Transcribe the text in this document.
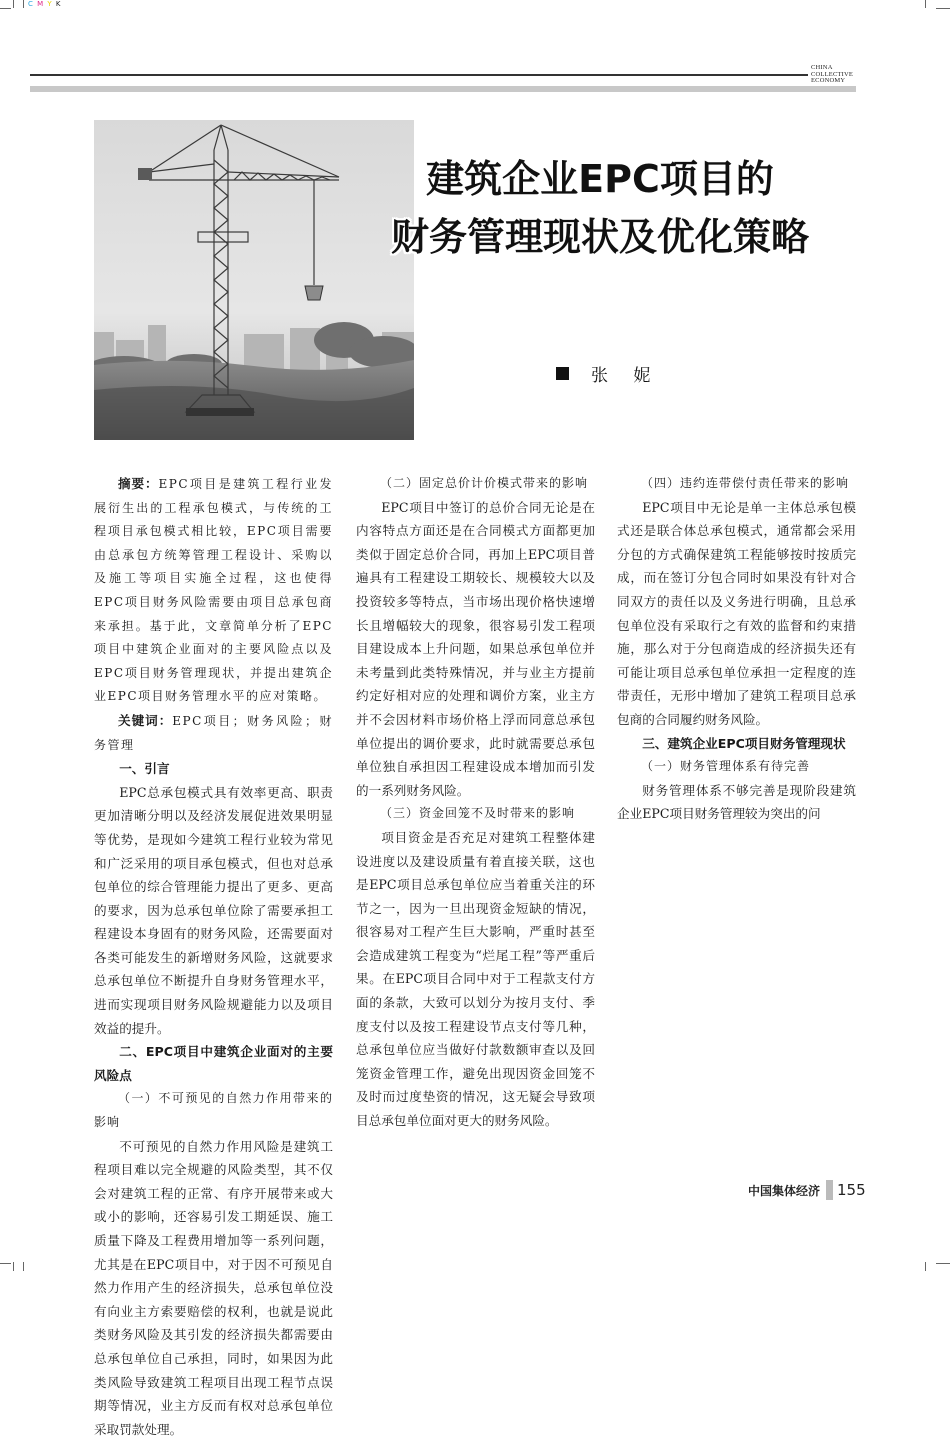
C M Y K
CHINA
COLLECTIVE
ECONOMY
建筑企业EPC项目的
财务管理现状及优化策略
张 妮

摘要：EPC项目是建筑工程行业发展衍生出的工程承包模式，与传统的工程项目承包模式相比较，EPC项目需要由总承包方统筹管理工程设计、采购以及施工等项目实施全过程，这也使得EPC项目财务风险需要由项目总承包商来承担。基于此，文章简单分析了EPC项目中建筑企业面对的主要风险点以及EPC项目财务管理现状，并提出建筑企业EPC项目财务管理水平的应对策略。

关键词：EPC项目；财务风险；财务管理

一、引言

EPC总承包模式具有效率更高、职责更加清晰分明以及经济发展促进效果明显等优势，是现如今建筑工程行业较为常见和广泛采用的项目承包模式，但也对总承包单位的综合管理能力提出了更多、更高的要求，因为总承包单位除了需要承担工程建设本身固有的财务风险，还需要面对各类可能发生的新增财务风险，这就要求总承包单位不断提升自身财务管理水平，进而实现项目财务风险规避能力以及项目效益的提升。

二、EPC项目中建筑企业面对的主要风险点

（一）不可预见的自然力作用带来的影响

不可预见的自然力作用风险是建筑工程项目难以完全规避的风险类型，其不仅会对建筑工程的正常、有序开展带来或大或小的影响，还容易引发工期延误、施工质量下降及工程费用增加等一系列问题，尤其是在EPC项目中，对于因不可预见自然力作用产生的经济损失，总承包单位没有向业主方索要赔偿的权利，也就是说此类财务风险及其引发的经济损失都需要由总承包单位自己承担，同时，如果因为此类风险导致建筑工程项目出现工程节点误期等情况，业主方反而有权对总承包单位采取罚款处理。

（二）固定总价计价模式带来的影响

EPC项目中签订的总价合同无论是在内容特点方面还是在合同模式方面都更加类似于固定总价合同，再加上EPC项目普遍具有工程建设工期较长、规模较大以及投资较多等特点，当市场出现价格快速增长且增幅较大的现象，很容易引发工程项目建设成本上升问题，如果总承包单位并未考量到此类特殊情况，并与业主方提前约定好相对应的处理和调价方案，业主方并不会因材料市场价格上浮而同意总承包单位提出的调价要求，此时就需要总承包单位独自承担因工程建设成本增加而引发的一系列财务风险。

（三）资金回笼不及时带来的影响

项目资金是否充足对建筑工程整体建设进度以及建设质量有着直接关联，这也是EPC项目总承包单位应当着重关注的环节之一，因为一旦出现资金短缺的情况，很容易对工程产生巨大影响，严重时甚至会造成建筑工程变为“烂尾工程”等严重后果。在EPC项目合同中对于工程款支付方面的条款，大致可以划分为按月支付、季度支付以及按工程建设节点支付等几种，总承包单位应当做好付款数额审查以及回笼资金管理工作，避免出现因资金回笼不及时而过度垫资的情况，这无疑会导致项目总承包单位面对更大的财务风险。

（四）违约连带偿付责任带来的影响

EPC项目中无论是单一主体总承包模式还是联合体总承包模式，通常都会采用分包的方式确保建筑工程能够按时按质完成，而在签订分包合同时如果没有针对合同双方的责任以及义务进行明确，且总承包单位没有采取行之有效的监督和约束措施，那么对于分包商造成的经济损失还有可能让项目总承包单位承担一定程度的连带责任，无形中增加了建筑工程项目总承包商的合同履约财务风险。

三、建筑企业EPC项目财务管理现状

（一）财务管理体系有待完善

财务管理体系不够完善是现阶段建筑企业EPC项目财务管理较为突出的问

中国集体经济 155
